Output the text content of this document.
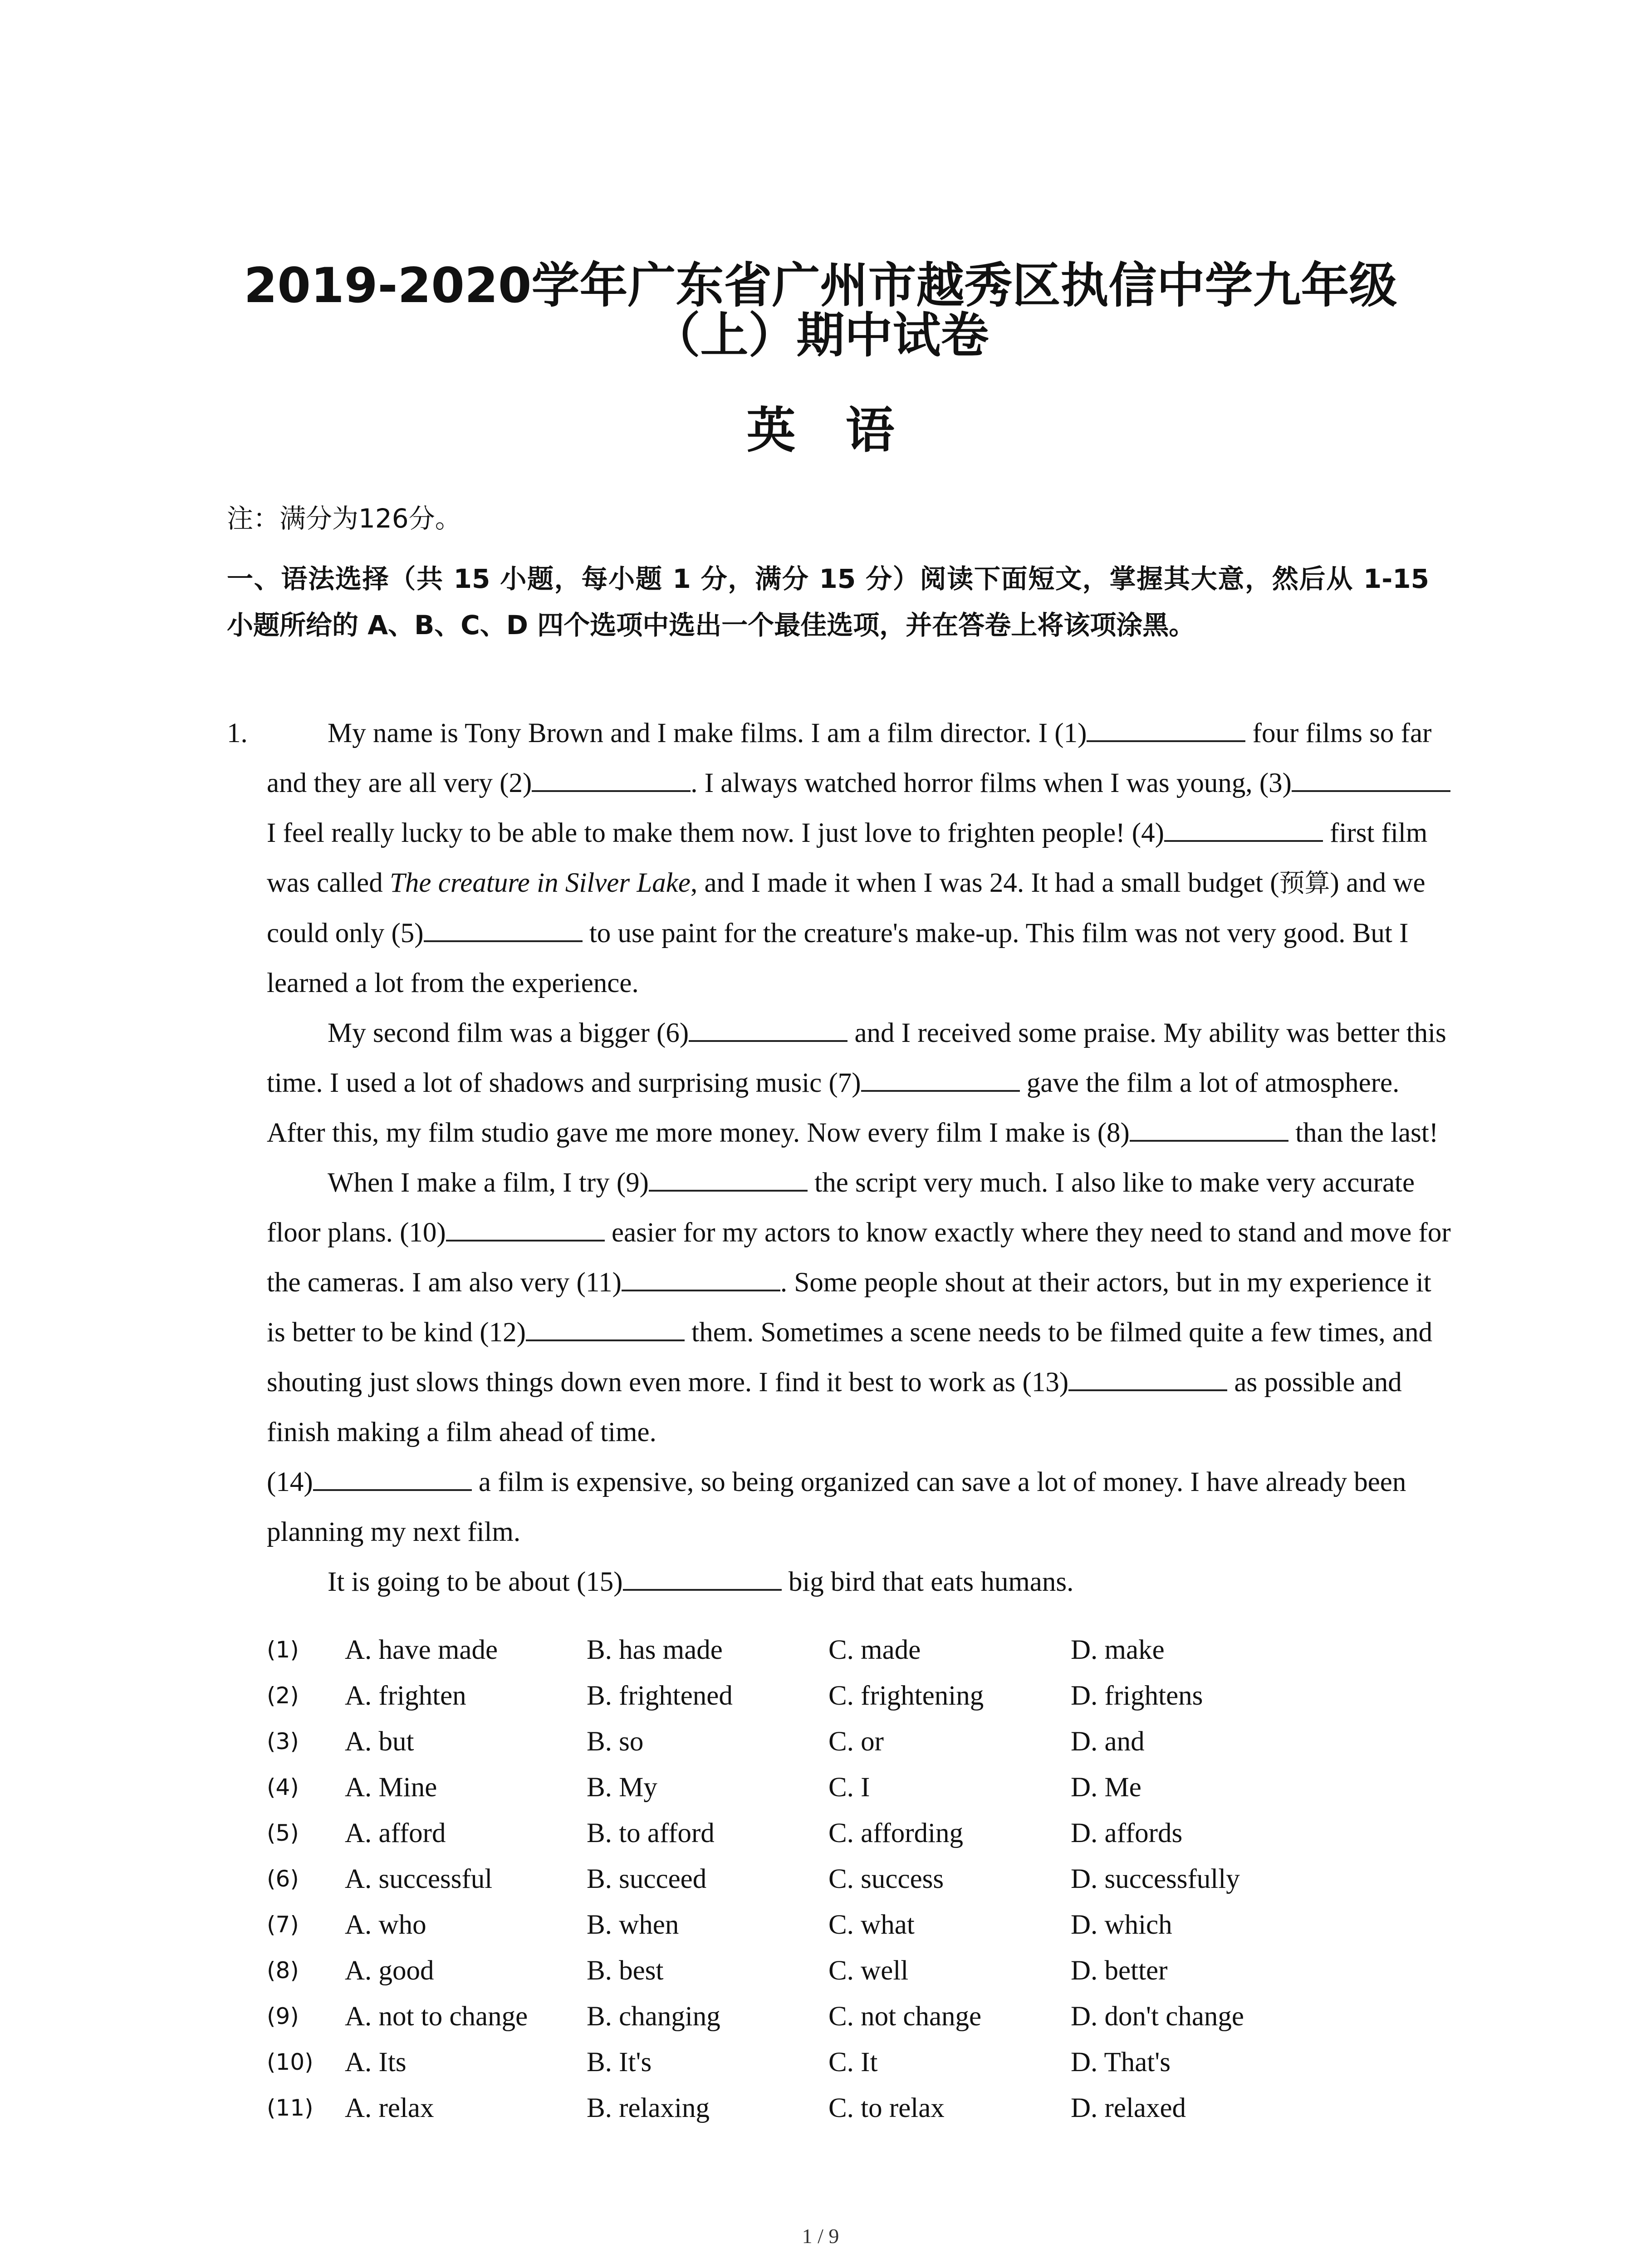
2019-2020学年广东省广州市越秀区执信中学九年级
（上）期中试卷
英语
注：满分为126分。
一、语法选择（共 15 小题，每小题 1 分，满分 15 分）阅读下面短文，掌握其大意，然后从 1-15 小题所给的 A、B、C、D 四个选项中选出一个最佳选项，并在答卷上将该项涂黑。
1.	My name is Tony Brown and I make films. I am a film director. I (1)	four films so far and they are all very (2)	. I always watched horror films when I was young, (3) I feel really lucky to be able to make them now. I just love to frighten people! (4)	first film was called The creature in Silver Lake, and I made it when I was 24. It had a small budget (预算) and we could only (5)	to use paint for the creature's make-up. This film was not very good. But I learned a lot from the experience.

My second film was a bigger (6)	and I received some praise. My ability was better this time. I used a lot of shadows and surprising music (7)	gave the film a lot of atmosphere. After this, my film studio gave me more money. Now every film I make is (8)	than the last!

When I make a film, I try (9)	the script very much. I also like to make very accurate floor plans. (10)	easier for my actors to know exactly where they need to stand and move for the cameras. I am also very (11)	. Some people shout at their actors, but in my experience it is better to be kind (12)	them. Sometimes a scene needs to be filmed quite a few times, and shouting just slows things down even more. I find it best to work as (13)	as possible and finish making a film ahead of time.

(14)	a film is expensive, so being organized can save a lot of money. I have already been planning my next film.

It is going to be about (15)	big bird that eats humans.

(1) A. have made	B. has made	C. made	D. make
(2) A. frighten	B. frightened	C. frightening	D. frightens
(3) A. but	B. so	C. or	D. and
(4) A. Mine	B. My	C. I	D. Me
(5) A. afford	B. to afford	C. affording	D. affords
(6) A. successful	B. succeed	C. success	D. successfully
(7) A. who	B. when	C. what	D. which
(8) A. good	B. best	C. well	D. better
(9) A. not to change B. changing	C. not change	D. don't change
(10) A. Its	B. It's	C. It	D. That's
(11) A. relax	B. relaxing	C. to relax	D. relaxed
1 / 9
